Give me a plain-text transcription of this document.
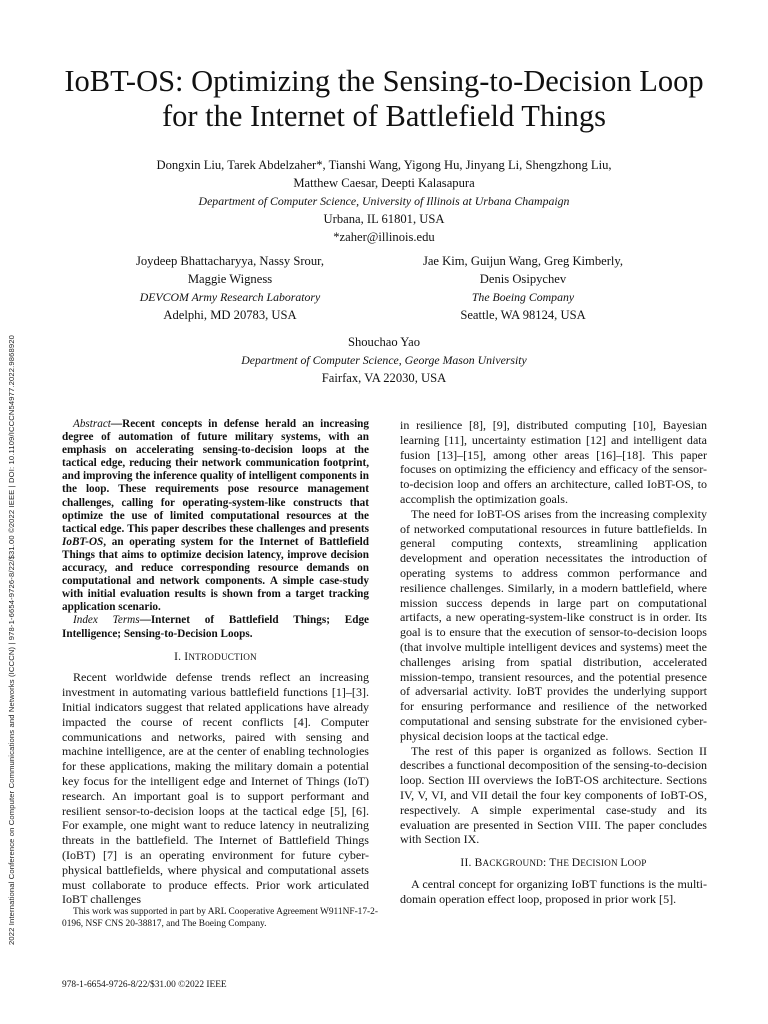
2022 International Conference on Computer Communications and Networks (ICCCN) | 978-1-6654-9726-8/22/$31.00 ©2022 IEEE | DOI: 10.1109/ICCCN54977.2022.9868920
IoBT-OS: Optimizing the Sensing-to-Decision Loop
for the Internet of Battlefield Things
Dongxin Liu, Tarek Abdelzaher*, Tianshi Wang, Yigong Hu, Jinyang Li, Shengzhong Liu,
Matthew Caesar, Deepti Kalasapura
Department of Computer Science, University of Illinois at Urbana Champaign
Urbana, IL 61801, USA
*zaher@illinois.edu
Joydeep Bhattacharyya, Nassy Srour,
Maggie Wigness
DEVCOM Army Research Laboratory
Adelphi, MD 20783, USA
Jae Kim, Guijun Wang, Greg Kimberly,
Denis Osipychev
The Boeing Company
Seattle, WA 98124, USA
Shouchao Yao
Department of Computer Science, George Mason University
Fairfax, VA 22030, USA

Abstract—Recent concepts in defense herald an increasing degree of automation of future military systems, with an emphasis on accelerating sensing-to-decision loops at the tactical edge, reducing their network communication footprint, and improving the inference quality of intelligent components in the loop. These requirements pose resource management challenges, calling for operating-system-like constructs that optimize the use of limited computational resources at the tactical edge. This paper describes these challenges and presents IoBT-OS, an operating system for the Internet of Battlefield Things that aims to optimize decision latency, improve decision accuracy, and reduce corresponding resource demands on computational and network components. A simple case-study with initial evaluation results is shown from a target tracking application scenario.

Index Terms—Internet of Battlefield Things; Edge Intelligence; Sensing-to-Decision Loops.

I. INTRODUCTION

Recent worldwide defense trends reflect an increasing investment in automating various battlefield functions [1]–[3]. Initial indicators suggest that related applications have already impacted the course of recent conflicts [4]. Computer communications and networks, paired with sensing and machine intelligence, are at the center of enabling technologies for these applications, making the military domain a potential key focus for the intelligent edge and Internet of Things (IoT) research. An important goal is to support performant and resilient sensor-to-decision loops at the tactical edge [5], [6]. For example, one might want to reduce latency in neutralizing threats in the battlefield. The Internet of Battlefield Things (IoBT) [7] is an operating environment for future cyber-physical battlefields, where physical and computational assets must collaborate to produce effects. Prior work articulated IoBT challenges

in resilience [8], [9], distributed computing [10], Bayesian learning [11], uncertainty estimation [12] and intelligent data fusion [13]–[15], among other areas [16]–[18]. This paper focuses on optimizing the efficiency and efficacy of the sensor-to-decision loop and offers an architecture, called IoBT-OS, to accomplish the optimization goals.

The need for IoBT-OS arises from the increasing complexity of networked computational resources in future battlefields. In general computing contexts, streamlining application development and operation necessitates the introduction of operating systems to address common performance and resilience challenges. Similarly, in a modern battlefield, where mission success depends in large part on computational artifacts, a new operating-system-like construct is in order. Its goal is to ensure that the execution of sensor-to-decision loops (that involve multiple intelligent devices and systems) meet the challenges arising from spatial distribution, accelerated mission-tempo, transient resources, and the potential presence of adversarial activity. IoBT provides the underlying support for ensuring performance and resilience of the networked computational and sensing substrate for the envisioned cyber-physical decision loops at the tactical edge.

The rest of this paper is organized as follows. Section II describes a functional decomposition of the sensing-to-decision loop. Section III overviews the IoBT-OS architecture. Sections IV, V, VI, and VII detail the four key components of IoBT-OS, respectively. A simple experimental case-study and its evaluation are presented in Section VIII. The paper concludes with Section IX.

II. BACKGROUND: THE DECISION LOOP

A central concept for organizing IoBT functions is the multi-domain operation effect loop, proposed in prior work [5].

This work was supported in part by ARL Cooperative Agreement W911NF-17-2-0196, NSF CNS 20-38817, and The Boeing Company.
978-1-6654-9726-8/22/$31.00 ©2022 IEEE
